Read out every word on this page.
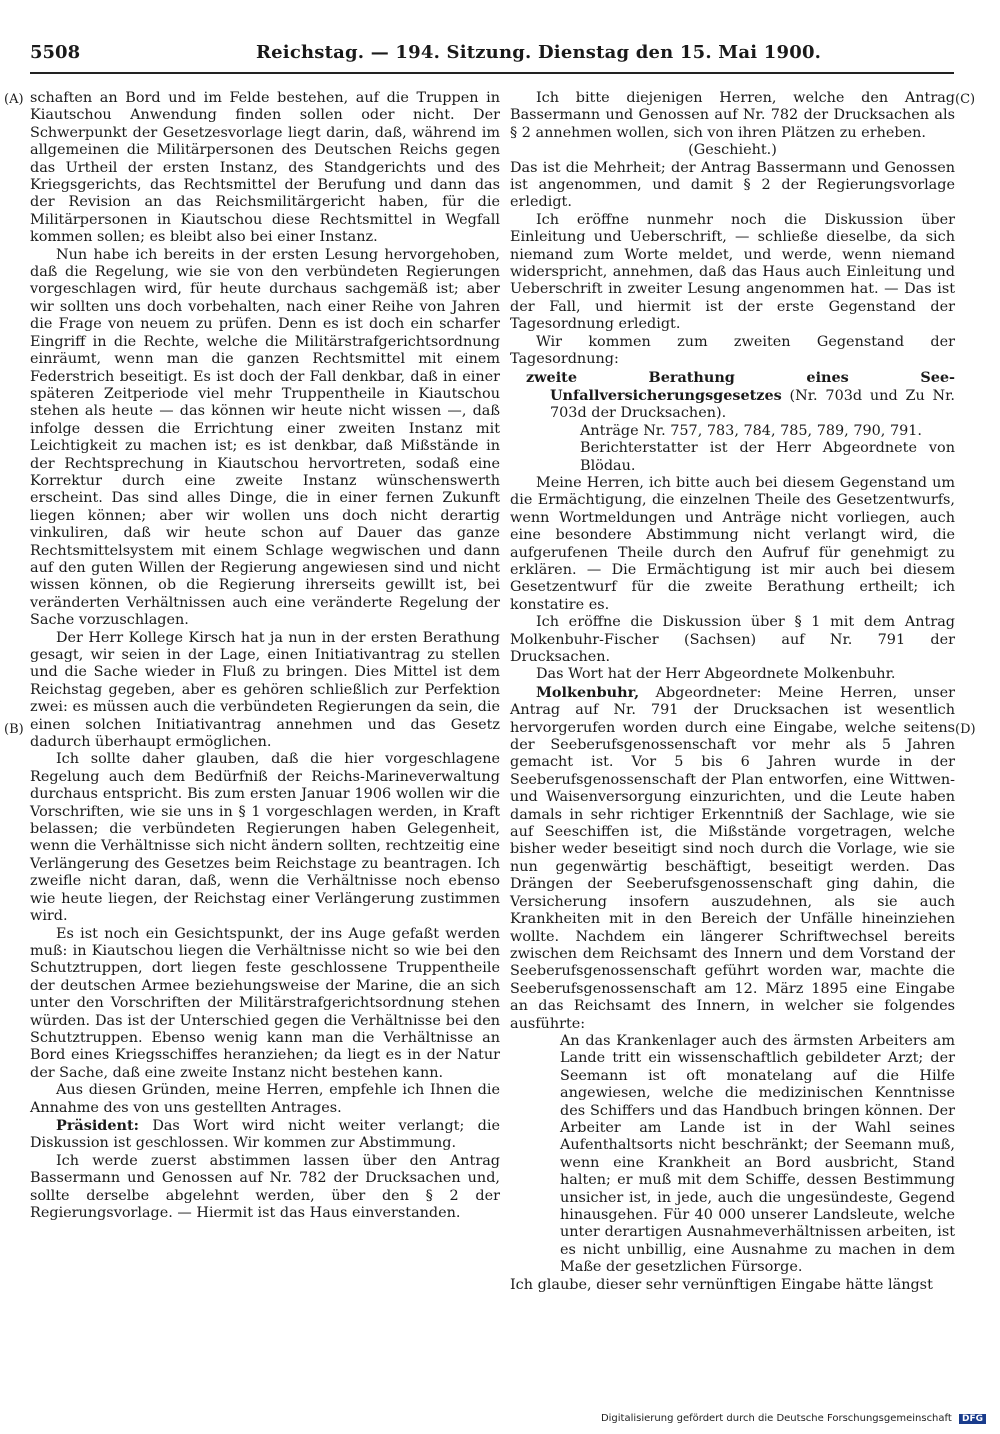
5508	Reichstag. — 194. Sitzung. Dienstag den 15. Mai 1900.
(A)
(B)
(C)
(D)

schaften an Bord und im Felde bestehen, auf die Truppen in Kiautschou Anwendung finden sollen oder nicht. Der Schwerpunkt der Gesetzesvorlage liegt darin, daß, während im allgemeinen die Militärpersonen des Deutschen Reichs gegen das Urtheil der ersten Instanz, des Standgerichts und des Kriegsgerichts, das Rechtsmittel der Berufung und dann das der Revision an das Reichsmilitärgericht haben, für die Militärpersonen in Kiautschou diese Rechtsmittel in Wegfall kommen sollen; es bleibt also bei einer Instanz.

Nun habe ich bereits in der ersten Lesung hervorgehoben, daß die Regelung, wie sie von den verbündeten Regierungen vorgeschlagen wird, für heute durchaus sachgemäß ist; aber wir sollten uns doch vorbehalten, nach einer Reihe von Jahren die Frage von neuem zu prüfen. Denn es ist doch ein scharfer Eingriff in die Rechte, welche die Militärstrafgerichtsordnung einräumt, wenn man die ganzen Rechtsmittel mit einem Federstrich beseitigt. Es ist doch der Fall denkbar, daß in einer späteren Zeitperiode viel mehr Truppentheile in Kiautschou stehen als heute — das können wir heute nicht wissen —, daß infolge dessen die Errichtung einer zweiten Instanz mit Leichtigkeit zu machen ist; es ist denkbar, daß Mißstände in der Rechtsprechung in Kiautschou hervortreten, sodaß eine Korrektur durch eine zweite Instanz wünschenswerth erscheint. Das sind alles Dinge, die in einer fernen Zukunft liegen können; aber wir wollen uns doch nicht derartig vinkuliren, daß wir heute schon auf Dauer das ganze Rechtsmittelsystem mit einem Schlage wegwischen und dann auf den guten Willen der Regierung angewiesen sind und nicht wissen können, ob die Regierung ihrerseits gewillt ist, bei veränderten Verhältnissen auch eine veränderte Regelung der Sache vorzuschlagen.

Der Herr Kollege Kirsch hat ja nun in der ersten Berathung gesagt, wir seien in der Lage, einen Initiativantrag zu stellen und die Sache wieder in Fluß zu bringen. Dies Mittel ist dem Reichstag gegeben, aber es gehören schließlich zur Perfektion zwei: es müssen auch die verbündeten Regierungen da sein, die einen solchen Initiativantrag annehmen und das Gesetz dadurch überhaupt ermöglichen.

Ich sollte daher glauben, daß die hier vorgeschlagene Regelung auch dem Bedürfniß der Reichs-Marineverwaltung durchaus entspricht. Bis zum ersten Januar 1906 wollen wir die Vorschriften, wie sie uns in § 1 vorgeschlagen werden, in Kraft belassen; die verbündeten Regierungen haben Gelegenheit, wenn die Verhältnisse sich nicht ändern sollten, rechtzeitig eine Verlängerung des Gesetzes beim Reichstage zu beantragen. Ich zweifle nicht daran, daß, wenn die Verhältnisse noch ebenso wie heute liegen, der Reichstag einer Verlängerung zustimmen wird.

Es ist noch ein Gesichtspunkt, der ins Auge gefaßt werden muß: in Kiautschou liegen die Verhältnisse nicht so wie bei den Schutztruppen, dort liegen feste geschlossene Truppentheile der deutschen Armee beziehungsweise der Marine, die an sich unter den Vorschriften der Militärstrafgerichtsordnung stehen würden. Das ist der Unterschied gegen die Verhältnisse bei den Schutztruppen. Ebenso wenig kann man die Verhältnisse an Bord eines Kriegsschiffes heranziehen; da liegt es in der Natur der Sache, daß eine zweite Instanz nicht bestehen kann.

Aus diesen Gründen, meine Herren, empfehle ich Ihnen die Annahme des von uns gestellten Antrages.

Präsident: Das Wort wird nicht weiter verlangt; die Diskussion ist geschlossen. Wir kommen zur Abstimmung.

Ich werde zuerst abstimmen lassen über den Antrag Bassermann und Genossen auf Nr. 782 der Drucksachen und, sollte derselbe abgelehnt werden, über den § 2 der Regierungsvorlage. — Hiermit ist das Haus einverstanden.

Ich bitte diejenigen Herren, welche den Antrag Bassermann und Genossen auf Nr. 782 der Drucksachen als § 2 annehmen wollen, sich von ihren Plätzen zu erheben.

(Geschieht.)

Das ist die Mehrheit; der Antrag Bassermann und Genossen ist angenommen, und damit § 2 der Regierungsvorlage erledigt.

Ich eröffne nunmehr noch die Diskussion über Einleitung und Ueberschrift, — schließe dieselbe, da sich niemand zum Worte meldet, und werde, wenn niemand widerspricht, annehmen, daß das Haus auch Einleitung und Ueberschrift in zweiter Lesung angenommen hat. — Das ist der Fall, und hiermit ist der erste Gegenstand der Tagesordnung erledigt.

Wir kommen zum zweiten Gegenstand der Tagesordnung:

zweite Berathung eines See-Unfallversicherungsgesetzes (Nr. 703d und Zu Nr. 703d der Drucksachen).

Anträge Nr. 757, 783, 784, 785, 789, 790, 791.

Berichterstatter ist der Herr Abgeordnete von Blödau.

Meine Herren, ich bitte auch bei diesem Gegenstand um die Ermächtigung, die einzelnen Theile des Gesetzentwurfs, wenn Wortmeldungen und Anträge nicht vorliegen, auch eine besondere Abstimmung nicht verlangt wird, die aufgerufenen Theile durch den Aufruf für genehmigt zu erklären. — Die Ermächtigung ist mir auch bei diesem Gesetzentwurf für die zweite Berathung ertheilt; ich konstatire es.

Ich eröffne die Diskussion über § 1 mit dem Antrag Molkenbuhr-Fischer (Sachsen) auf Nr. 791 der Drucksachen.

Das Wort hat der Herr Abgeordnete Molkenbuhr.

Molkenbuhr, Abgeordneter: Meine Herren, unser Antrag auf Nr. 791 der Drucksachen ist wesentlich hervorgerufen worden durch eine Eingabe, welche seitens der Seeberufsgenossenschaft vor mehr als 5 Jahren gemacht ist. Vor 5 bis 6 Jahren wurde in der Seeberufsgenossenschaft der Plan entworfen, eine Wittwen- und Waisenversorgung einzurichten, und die Leute haben damals in sehr richtiger Erkenntniß der Sachlage, wie sie auf Seeschiffen ist, die Mißstände vorgetragen, welche bisher weder beseitigt sind noch durch die Vorlage, wie sie nun gegenwärtig beschäftigt, beseitigt werden. Das Drängen der Seeberufsgenossenschaft ging dahin, die Versicherung insofern auszudehnen, als sie auch Krankheiten mit in den Bereich der Unfälle hineinziehen wollte. Nachdem ein längerer Schriftwechsel bereits zwischen dem Reichsamt des Innern und dem Vorstand der Seeberufsgenossenschaft geführt worden war, machte die Seeberufsgenossenschaft am 12. März 1895 eine Eingabe an das Reichsamt des Innern, in welcher sie folgendes ausführte:

An das Krankenlager auch des ärmsten Arbeiters am Lande tritt ein wissenschaftlich gebildeter Arzt; der Seemann ist oft monatelang auf die Hilfe angewiesen, welche die medizinischen Kenntnisse des Schiffers und das Handbuch bringen können. Der Arbeiter am Lande ist in der Wahl seines Aufenthaltsorts nicht beschränkt; der Seemann muß, wenn eine Krankheit an Bord ausbricht, Stand halten; er muß mit dem Schiffe, dessen Bestimmung unsicher ist, in jede, auch die ungesündeste, Gegend hinausgehen. Für 40 000 unserer Landsleute, welche unter derartigen Ausnahmeverhältnissen arbeiten, ist es nicht unbillig, eine Ausnahme zu machen in dem Maße der gesetzlichen Fürsorge.

Ich glaube, dieser sehr vernünftigen Eingabe hätte längst

Digitalisierung gefördert durch die Deutsche Forschungsgemeinschaft DFG
